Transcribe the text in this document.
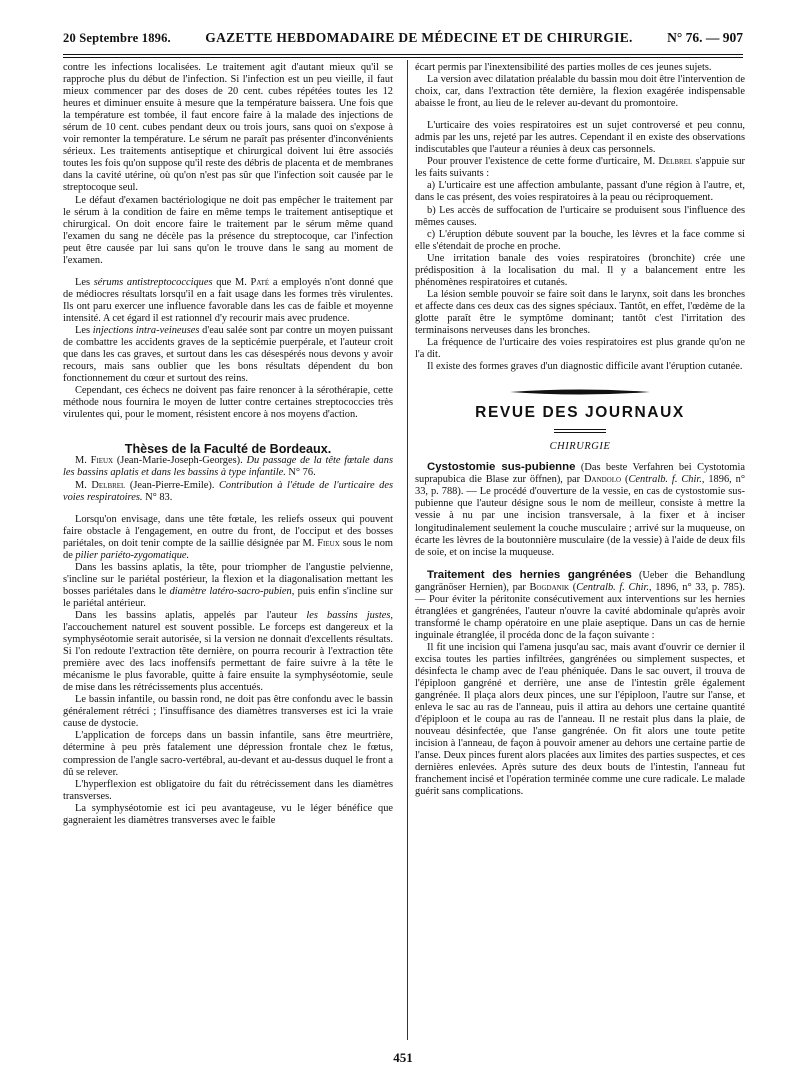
20 Septembre 1896.	GAZETTE HEBDOMADAIRE DE MÉDECINE ET DE CHIRURGIE.	N° 76. — 907

contre les infections localisées. Le traitement agit d'autant mieux qu'il se rapproche plus du début de l'infection. Si l'infection est un peu vieille, il faut mieux commencer par des doses de 20 cent. cubes répétées toutes les 12 heures et diminuer ensuite à mesure que la température baissera. Une fois que la température est tombée, il faut encore faire à la malade des injections de sérum de 10 cent. cubes pendant deux ou trois jours, sans quoi on s'expose à voir remonter la température. Le sérum ne paraît pas présenter d'inconvénients sérieux. Les traitements antiseptique et chirurgical doivent lui être associés toutes les fois qu'on suppose qu'il reste des débris de placenta et de membranes dans la cavité utérine, où qu'on n'est pas sûr que l'infection soit causée par le streptocoque seul.

Le défaut d'examen bactériologique ne doit pas empêcher le traitement par le sérum à la condition de faire en même temps le traitement antiseptique et chirurgical. On doit encore faire le traitement par le sérum même quand l'examen du sang ne décèle pas la présence du streptocoque, car l'infection peut être causée par lui sans qu'on le trouve dans le sang au moment de l'examen.

Les sérums antistreptococciques que M. Paté a employés n'ont donné que de médiocres résultats lorsqu'il en a fait usage dans les formes très virulentes. Ils ont paru exercer une influence favorable dans les cas de faible et moyenne intensité. A cet égard il est rationnel d'y recourir mais avec prudence.

Les injections intra-veineuses d'eau salée sont par contre un moyen puissant de combattre les accidents graves de la septicémie puerpérale, et l'auteur croit que dans les cas graves, et surtout dans les cas désespérés nous devons y avoir recours, mais sans oublier que les bons résultats dépendent du bon fonctionnement du cœur et surtout des reins.

Cependant, ces échecs ne doivent pas faire renoncer à la sérothérapie, cette méthode nous fournira le moyen de lutter contre certaines streptococcies très virulentes qui, pour le moment, résistent encore à nos moyens d'action.

Thèses de la Faculté de Bordeaux.

M. Fieux (Jean-Marie-Joseph-Georges). Du passage de la tête fœtale dans les bassins aplatis et dans les bassins à type infantile. N° 76.

M. Delbrel (Jean-Pierre-Emile). Contribution à l'étude de l'urticaire des voies respiratoires. N° 83.

Lorsqu'on envisage, dans une tête fœtale, les reliefs osseux qui pouvent faire obstacle à l'engagement, en outre du front, de l'occiput et des bosses pariétales, on doit tenir compte de la saillie désignée par M. Fieux sous le nom de pilier pariéto-zygomatique.

Dans les bassins aplatis, la tête, pour triompher de l'angustie pelvienne, s'incline sur le pariétal postérieur, la flexion et la diagonalisation mettant les bosses pariétales dans le diamètre latéro-sacro-pubien, puis enfin s'incline sur le pariétal antérieur.

Dans les bassins aplatis, appelés par l'auteur les bassins justes, l'accouchement naturel est souvent possible. Le forceps est dangereux et la symphyséotomie serait autorisée, si la version ne donnait d'excellents résultats. Si l'on redoute l'extraction tête dernière, on pourra recourir à l'extraction tête première avec des lacs inoffensifs permettant de faire suivre à la tête le mécanisme le plus favorable, quitte à faire ensuite la symphyséotomie, seule de mise dans les rétrécissements plus accentués.

Le bassin infantile, ou bassin rond, ne doit pas être confondu avec le bassin généralement rétréci ; l'insuffisance des diamètres transverses est ici la vraie cause de dystocie.

L'application de forceps dans un bassin infantile, sans être meurtrière, détermine à peu près fatalement une dépression frontale chez le fœtus, compression de l'angle sacro-vertébral, au-devant et au-dessus duquel le front a dû se relever.

L'hyperflexion est obligatoire du fait du rétrécissement dans les diamètres transverses.

La symphyséotomie est ici peu avantageuse, vu le léger bénéfice que gagneraient les diamètres transverses avec le faible

écart permis par l'inextensibilité des parties molles de ces jeunes sujets.

La version avec dilatation préalable du bassin mou doit être l'intervention de choix, car, dans l'extraction tête dernière, la flexion exagérée indispensable abaisse le front, au lieu de le relever au-devant du promontoire.

L'urticaire des voies respiratoires est un sujet controversé et peu connu, admis par les uns, rejeté par les autres. Cependant il en existe des observations indiscutables que l'auteur a réunies à deux cas personnels.

Pour prouver l'existence de cette forme d'urticaire, M. Delbrel s'appuie sur les faits suivants :

a) L'urticaire est une affection ambulante, passant d'une région à l'autre, et, dans le cas présent, des voies respiratoires à la peau ou réciproquement.

b) Les accès de suffocation de l'urticaire se produisent sous l'influence des mêmes causes.

c) L'éruption débute souvent par la bouche, les lèvres et la face comme si elle s'étendait de proche en proche.

Une irritation banale des voies respiratoires (bronchite) crée une prédisposition à la localisation du mal. Il y a balancement entre les phénomènes respiratoires et cutanés.

La lésion semble pouvoir se faire soit dans le larynx, soit dans les bronches et affecte dans ces deux cas des signes spéciaux. Tantôt, en effet, l'œdème de la glotte paraît être le symptôme dominant; tantôt c'est l'irritation des terminaisons nerveuses dans les bronches.

La fréquence de l'urticaire des voies respiratoires est plus grande qu'on ne l'a dit.

Il existe des formes graves d'un diagnostic difficile avant l'éruption cutanée.

REVUE DES JOURNAUX
CHIRURGIE

Cystostomie sus-pubienne (Das beste Verfahren bei Cystotomia suprapubica die Blase zur öffnen), par Dandolo (Centralb. f. Chir., 1896, n° 33, p. 788). — Le procédé d'ouverture de la vessie, en cas de cystostomie sus-pubienne que l'auteur désigne sous le nom de meilleur, consiste à mettre la vessie à nu par une incision transversale, à la fixer et à inciser longitudinalement seulement la couche musculaire ; arrivé sur la muqueuse, on écarte les lèvres de la boutonnière musculaire (de la vessie) à l'aide de deux fils de soie, et on incise la muqueuse.

Traitement des hernies gangrénées (Ueber die Behandlung gangränöser Hernien), par Bogdanik (Centralb. f. Chir., 1896, n° 33, p. 785). — Pour éviter la péritonite consécutivement aux interventions sur les hernies étranglées et gangrénées, l'auteur n'ouvre la cavité abdominale qu'après avoir transformé le champ opératoire en une plaie aseptique. Dans un cas de hernie inguinale étranglée, il procéda donc de la façon suivante :

Il fit une incision qui l'amena jusqu'au sac, mais avant d'ouvrir ce dernier il excisa toutes les parties infiltrées, gangrénées ou simplement suspectes, et désinfecta le champ avec de l'eau phéniquée. Dans le sac ouvert, il trouva de l'épiploon gangréné et derrière, une anse de l'intestin grêle également gangrénée. Il plaça alors deux pinces, une sur l'épiploon, l'autre sur l'anse, et enleva le sac au ras de l'anneau, puis il attira au dehors une certaine quantité d'épiploon et le coupa au ras de l'anneau. Il ne restait plus dans la plaie, de nouveau désinfectée, que l'anse gangrénée. On fit alors une toute petite incision à l'anneau, de façon à pouvoir amener au dehors une certaine partie de l'anse. Deux pinces furent alors placées aux limites des parties suspectes, et ces dernières enlevées. Après suture des deux bouts de l'intestin, l'anneau fut franchement incisé et l'opération terminée comme une cure radicale. Le malade guérit sans complications.

451
